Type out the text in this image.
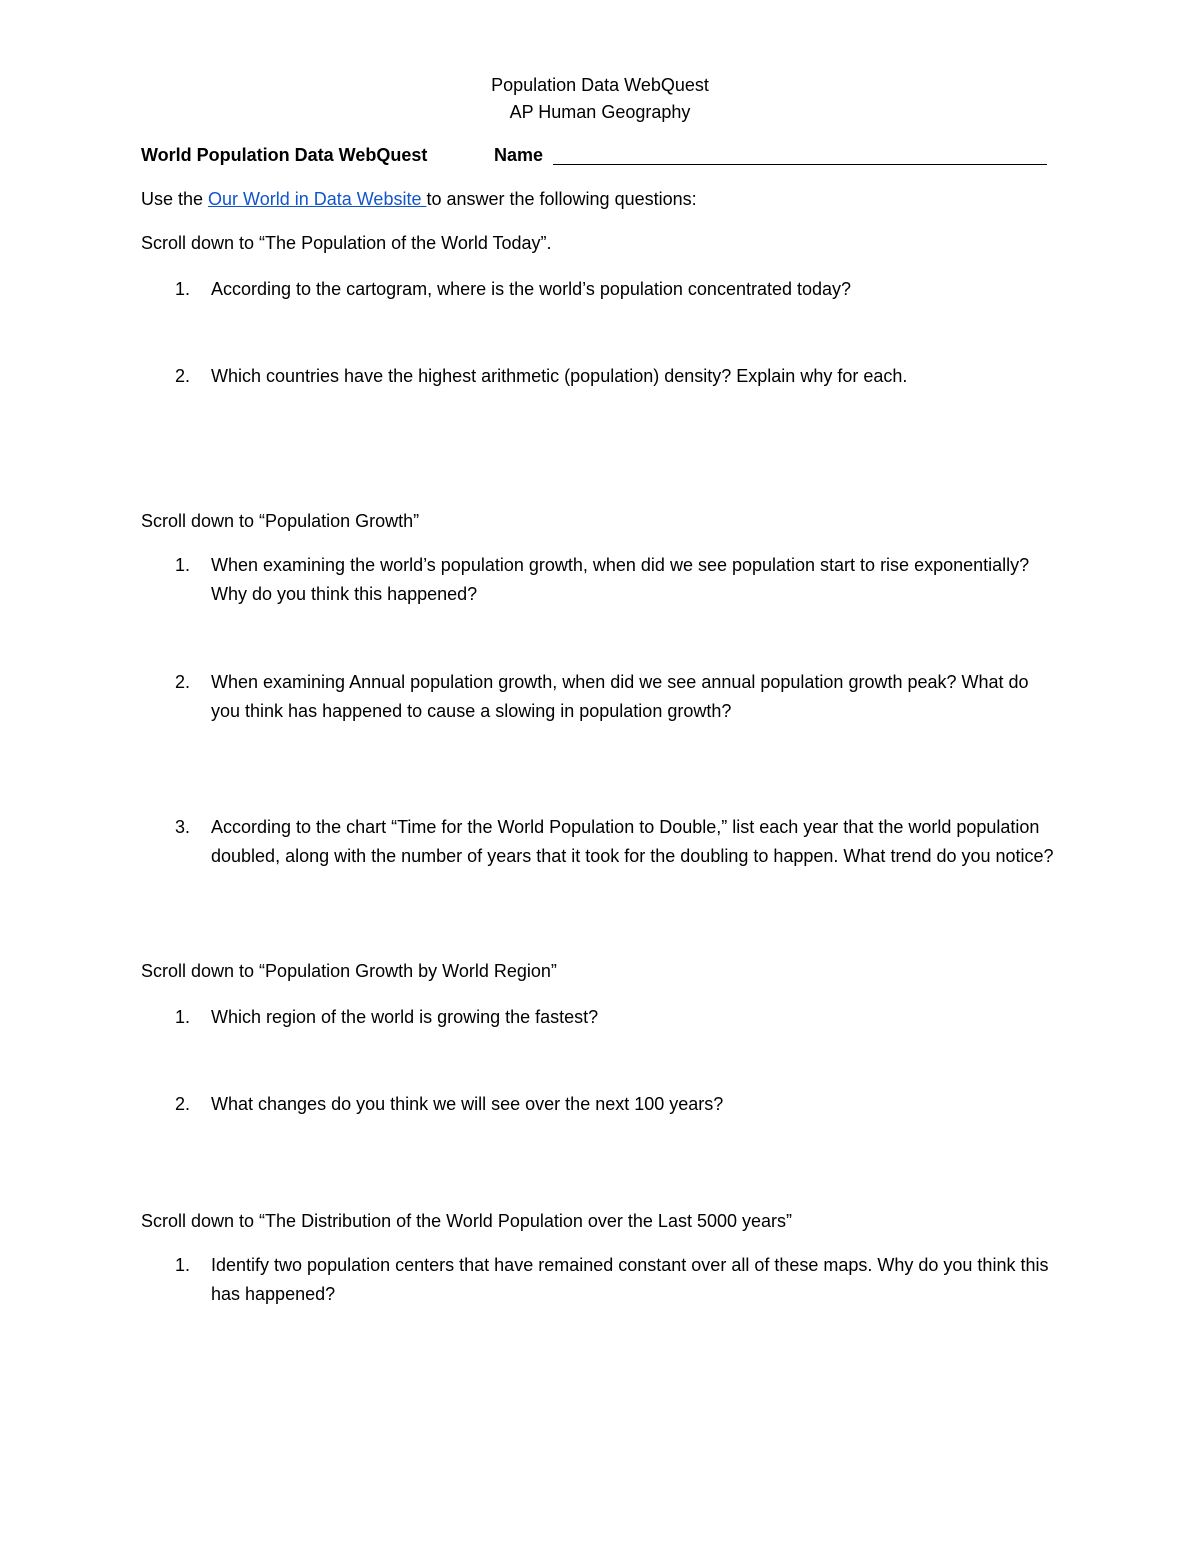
Population Data WebQuest
AP Human Geography
World Population Data WebQuest	Name
Use the Our World in Data Website to answer the following questions:
Scroll down to “The Population of the World Today”.
1.	According to the cartogram, where is the world’s population concentrated today?
2.	Which countries have the highest arithmetic (population) density? Explain why for each.
Scroll down to “Population Growth”
1.	When examining the world’s population growth, when did we see population start to rise exponentially? Why do you think this happened?
2.	When examining Annual population growth, when did we see annual population growth peak? What do you think has happened to cause a slowing in population growth?
3.	According to the chart “Time for the World Population to Double,” list each year that the world population doubled, along with the number of years that it took for the doubling to happen. What trend do you notice?
Scroll down to “Population Growth by World Region”
1.	Which region of the world is growing the fastest?
2.	What changes do you think we will see over the next 100 years?
Scroll down to “The Distribution of the World Population over the Last 5000 years”
1.	Identify two population centers that have remained constant over all of these maps. Why do you think this has happened?
